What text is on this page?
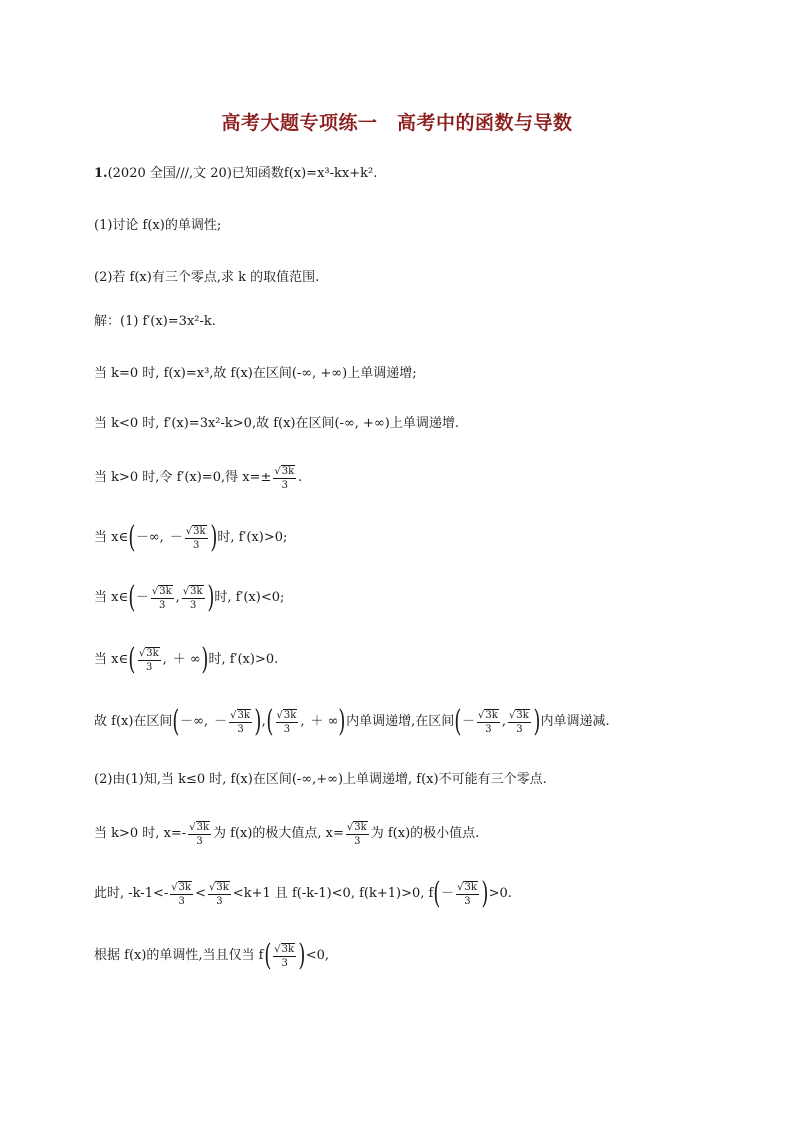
高考大题专项练一　高考中的函数与导数
1. (2020 全国///,文 20)已知函数 f(x)=x³-kx+k².
(1)讨论 f(x)的单调性;
(2)若 f(x)有三个零点,求 k 的取值范围.
解：(1) f′(x)=3x²-k.
当 k=0 时, f(x)=x³,故 f(x)在区间(-∞, +∞)上单调递增;
当 k<0 时, f′(x)=3x²-k>0,故 f(x)在区间(-∞, +∞)上单调递增.
当 k>0 时,令 f′(x)=0,得 $x=\pm \frac{√3k}{3}$ .
当 x∈ ( －∞, － $\frac{√3k}{3}$ ) 时, f′(x)>0;
当 x∈ ( － $\frac{√3k}{3}$ , $\frac{√3k}{3}$ ) 时, f′(x)<0;
当 x∈ ( $\frac{√3k}{3}$ , ＋ ∞ ) 时, f′(x)>0.
故 f(x)在区间 ( －∞, － $\frac{√3k}{3}$ ) , ( $\frac{√3k}{3}$ , ＋ ∞ ) 内单调递增,在区间 ( － $\frac{√3k}{3}$ , $\frac{√3k}{3}$ ) 内单调递减.
(2)由(1)知,当 k≤0 时, f(x)在区间(-∞,+∞)上单调递增, f(x)不可能有三个零点.
当 k>0 时, $x=- \frac{√3k}{3}$ 为 f(x)的极大值点, $x= \frac{√3k}{3}$ 为 f(x)的极小值点.
此时, $-k-1<- \frac{√3k}{3} < \frac{√3k}{3} <k+1$ 且 f(-k-1)<0, f(k+1)>0, f ( － $\frac{√3k}{3}$ ) >0.
根据 f(x)的单调性,当且仅当 f ( $\frac{√3k}{3}$ ) <0,
